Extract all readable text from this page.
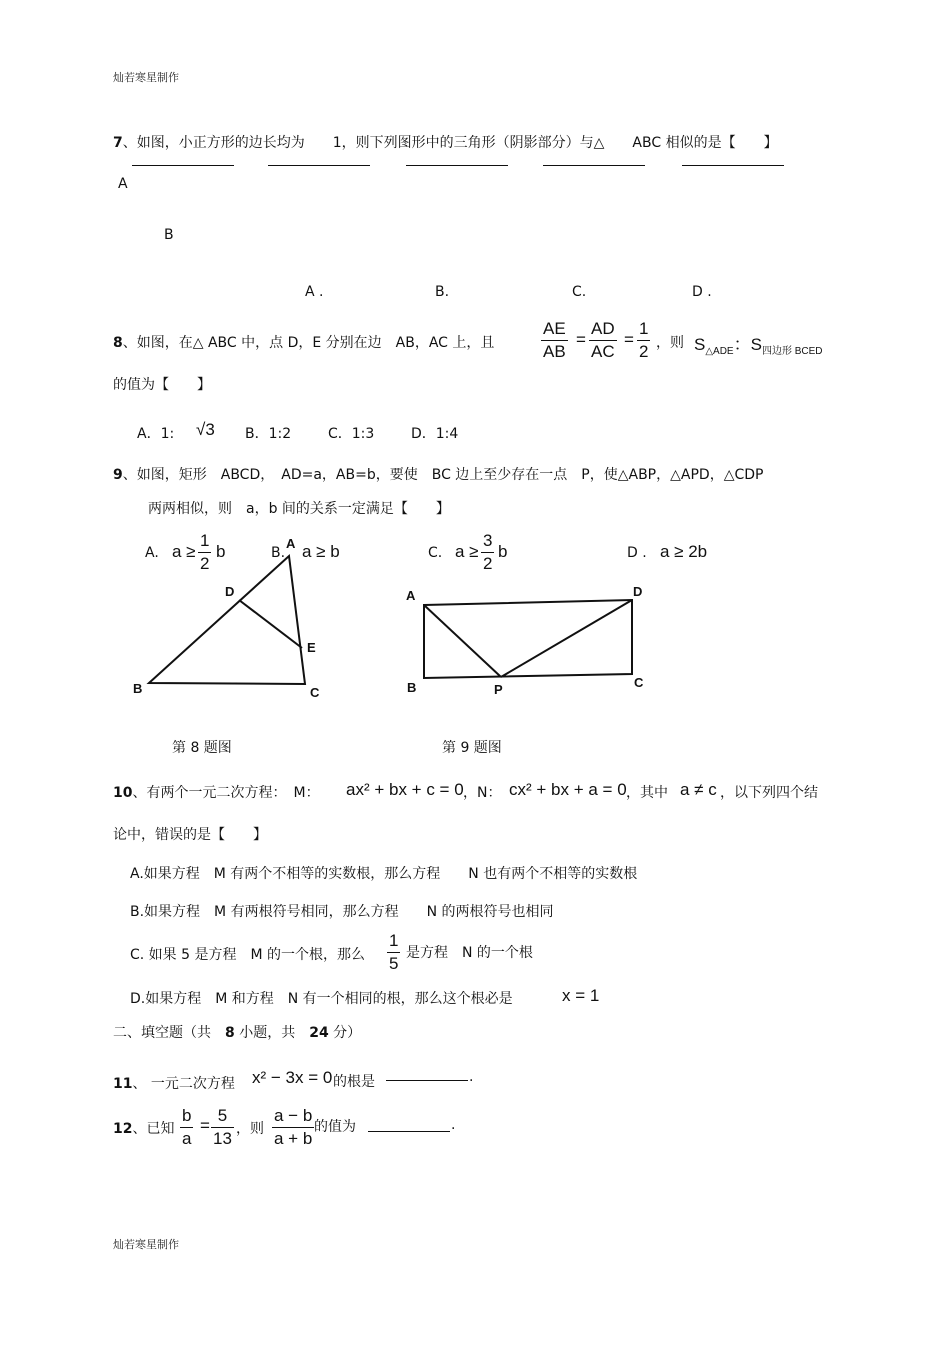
灿若寒星制作
7、如图，小正方形的边长均为　　1，则下列图形中的三角形（阴影部分）与△　　ABC 相似的是【　　】
A
B
A .	B.	C.	D .
8、如图，在△ ABC 中，点 D，E 分别在边　AB，AC 上，且	$\frac{AE}{AB} = \frac{AD}{AC} = \frac{1}{2}$ ，则 $S_{\triangle ADE}$：$S_{四边形 BCED}$
的值为【　　】
A．1: √3 B．1:2	C．1:3	D．1:4
9、如图，矩形　ABCD，　AD=a，AB=b，要使　BC 边上至少存在一点　P，使△ABP，△APD，△CDP
两两相似，则　a，b 间的关系一定满足【　　】
A. $a \ge \frac{1}{2}$ b	B. a ≥ b	C. $a \ge \frac{3}{2}$ b	D . a ≥ 2b
A
B	C
D
E
A
B	C
D
P
第 8 题图	第 9 题图
10、有两个一元二次方程：　M： ax² + bx + c = 0 ，N： cx² + bx + a = 0 ，其中 a ≠ c ，以下列四个结
论中，错误的是【　　】
A.如果方程　M 有两个不相等的实数根，那么方程　　N 也有两个不相等的实数根
B.如果方程　M 有两根符号相同，那么方程　　N 的两根符号也相同
C. 如果 5 是方程　M 的一个根，那么 $\frac{1}{5}$ 是方程　N 的一个根
D.如果方程　M 和方程　N 有一个相同的根，那么这个根必是	x = 1
二、填空题（共　8 小题，共　24 分）
11、 一元二次方程 x² − 3x = 0 的根是	.
12、已知 $\frac{b}{a} = \frac{5}{13}$ ，则 $\frac{a - b}{a + b}$ 的值为	.
灿若寒星制作
